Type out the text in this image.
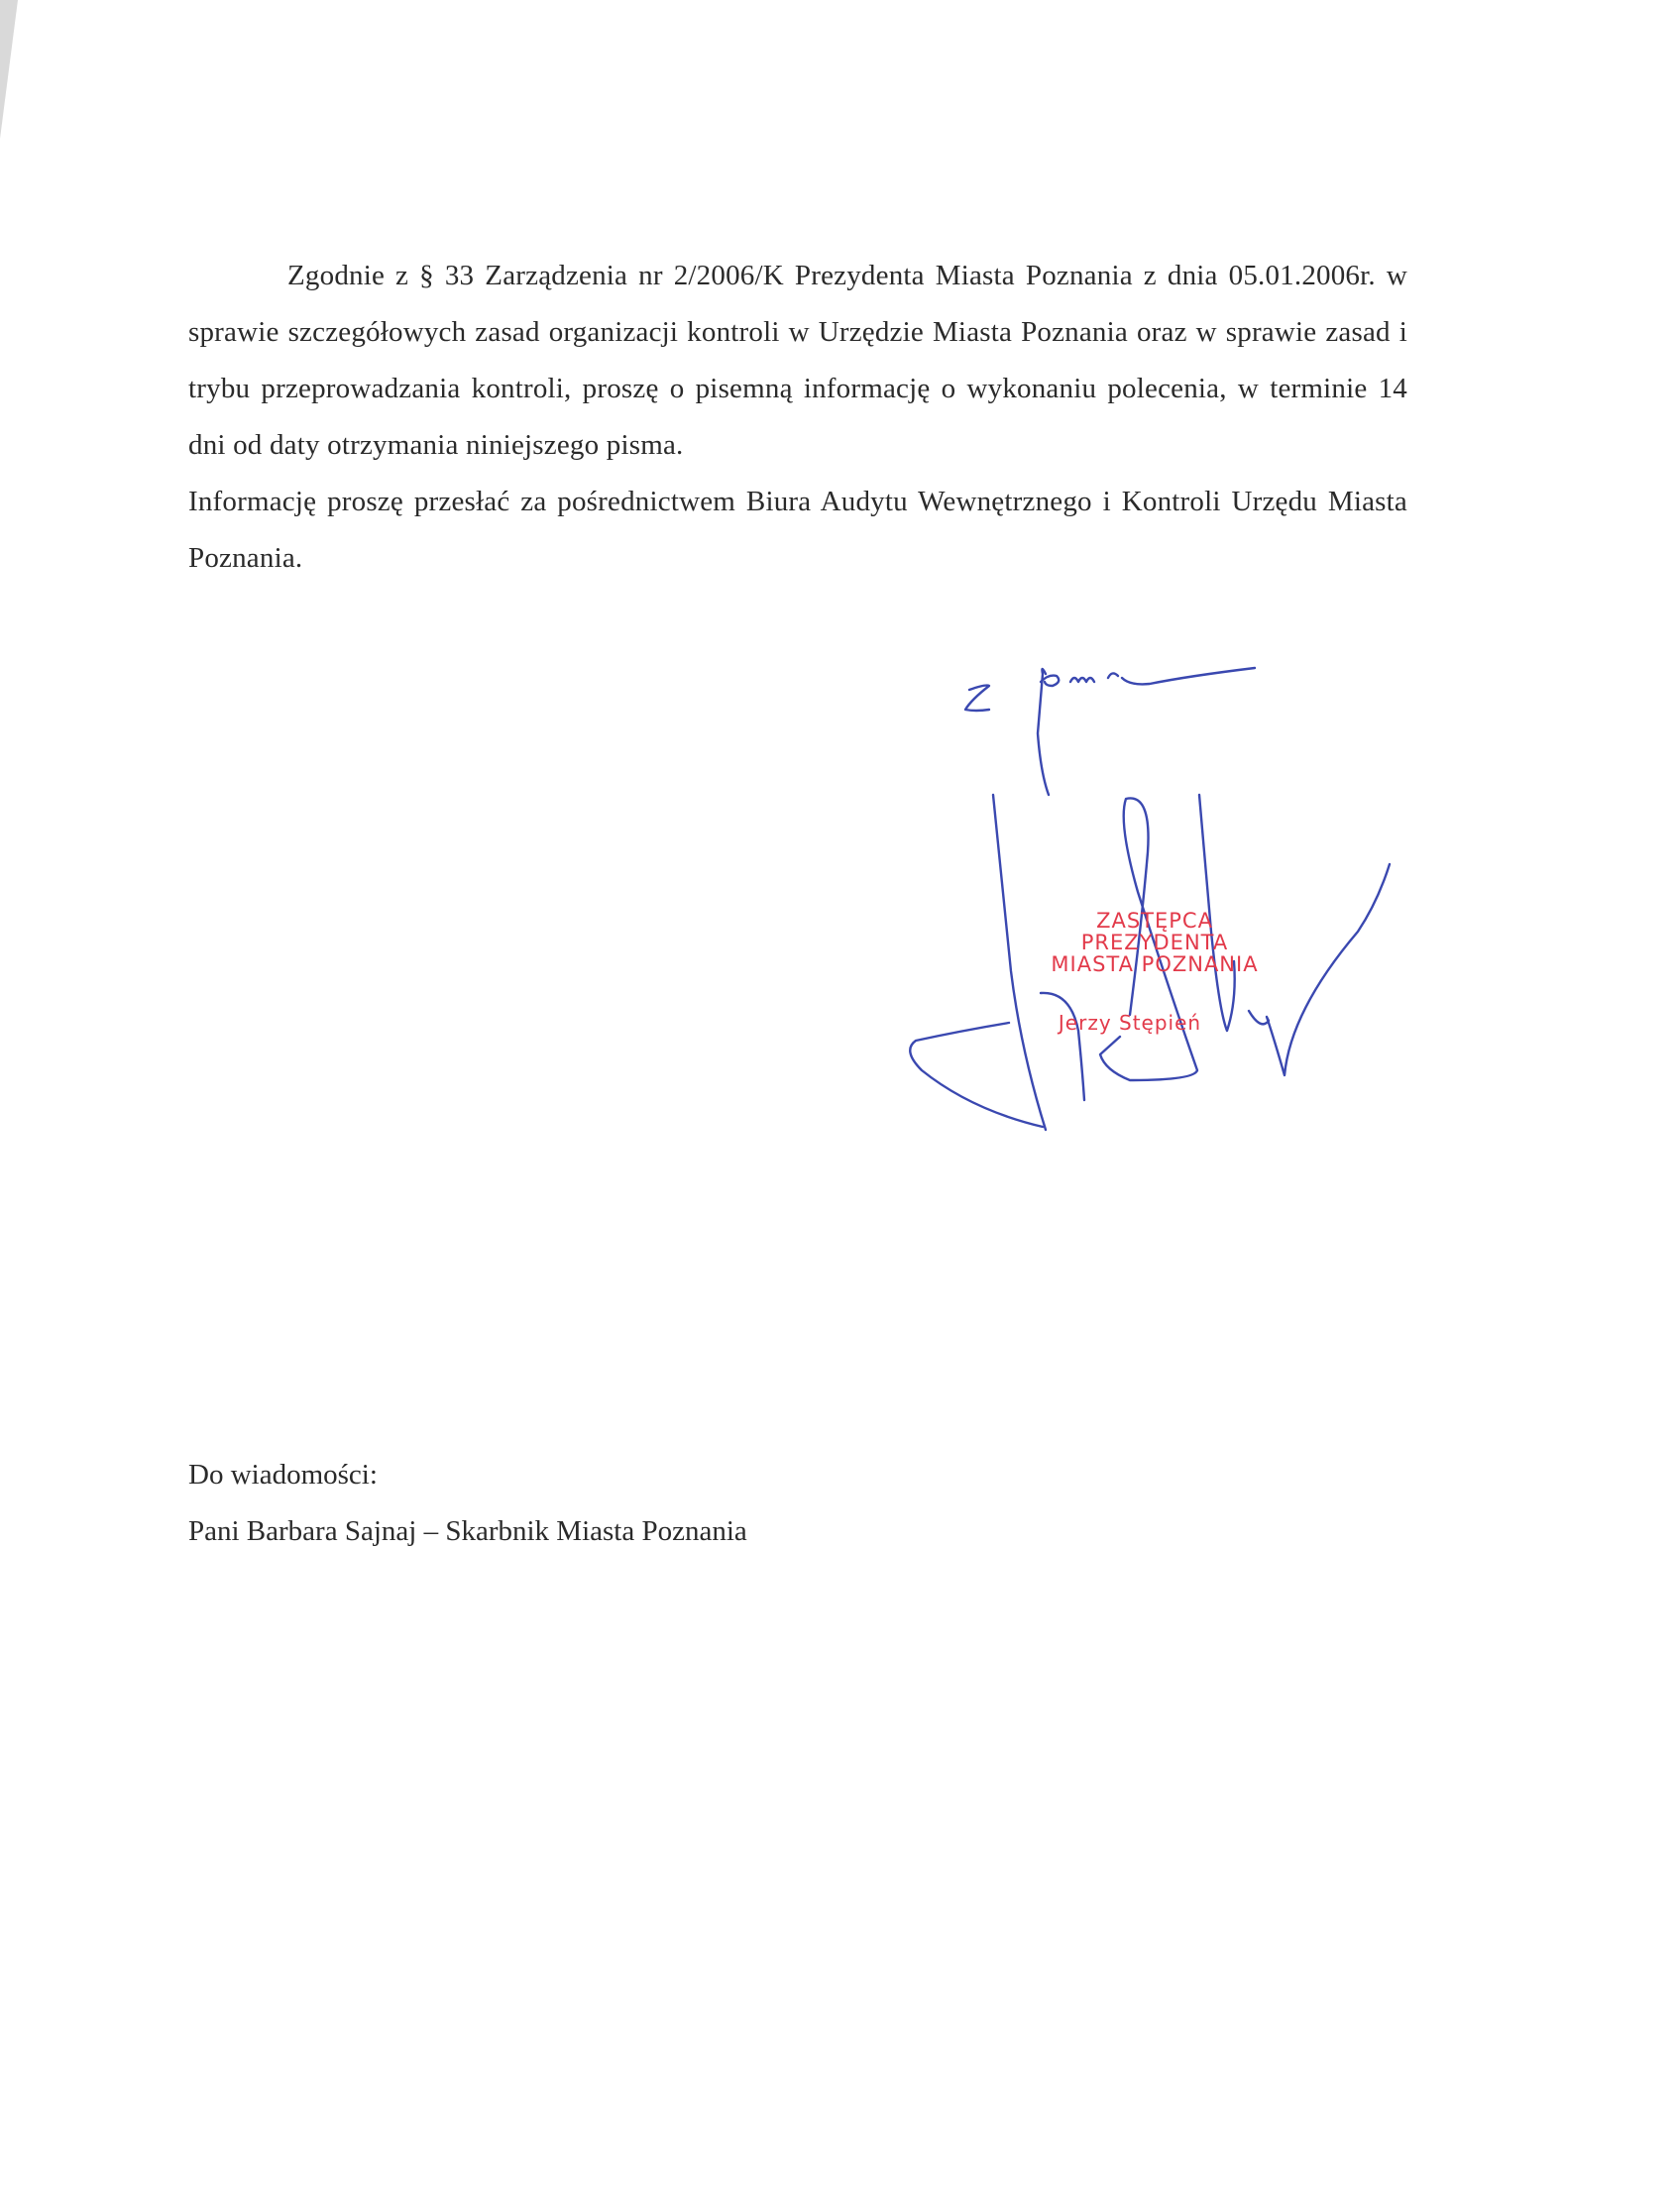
Zgodnie z § 33 Zarządzenia nr 2/2006/K Prezydenta Miasta Poznania z dnia 05.01.2006r. w sprawie szczegółowych zasad organizacji kontroli w Urzędzie Miasta Poznania oraz w sprawie zasad i trybu przeprowadzania kontroli, proszę o pisemną informację o wykonaniu polecenia, w terminie 14 dni od daty otrzymania niniejszego pisma.

Informację proszę przesłać za pośrednictwem Biura Audytu Wewnętrznego i Kontroli Urzędu Miasta Poznania.

ZASTĘPCA PREZYDENTA
MIASTA POZNANIA
Jerzy Stępień
Do wiadomości:
Pani Barbara Sajnaj – Skarbnik Miasta Poznania
